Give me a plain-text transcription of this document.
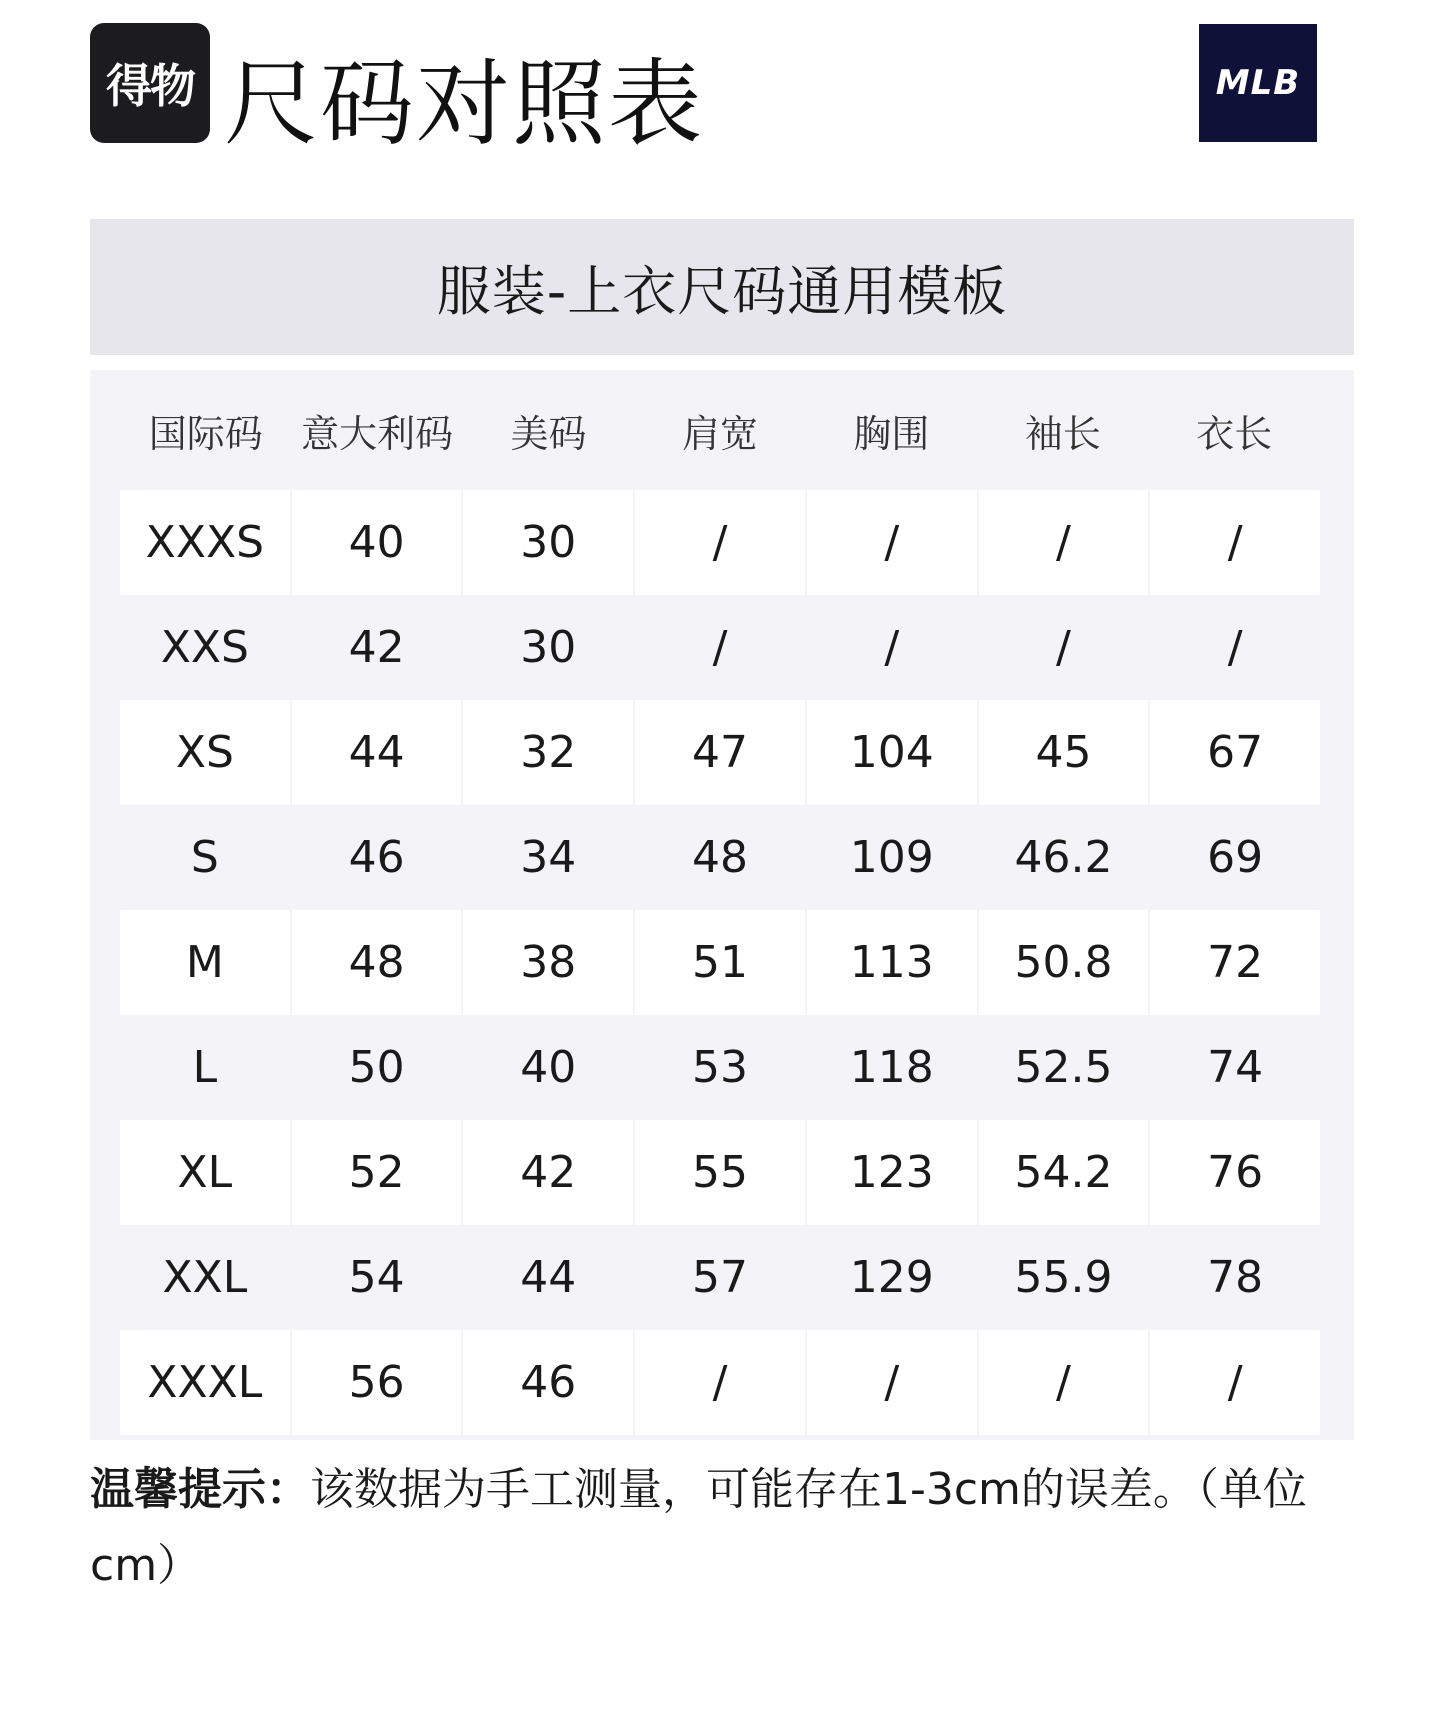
得物 尺码对照表	MLB
服装-上衣尺码通用模板
国际码	意大利码	美码	肩宽	胸围	袖长	衣长
XXXS	40	30	/	/	/	/
XXS	42	30	/	/	/	/
XS	44	32	47	104	45	67
S	46	34	48	109	46.2	69
M	48	38	51	113	50.8	72
L	50	40	53	118	52.5	74
XL	52	42	55	123	54.2	76
XXL	54	44	57	129	55.9	78
XXXL	56	46	/	/	/	/
温馨提示：该数据为手工测量，可能存在1-3cm的误差。（单位cm）
